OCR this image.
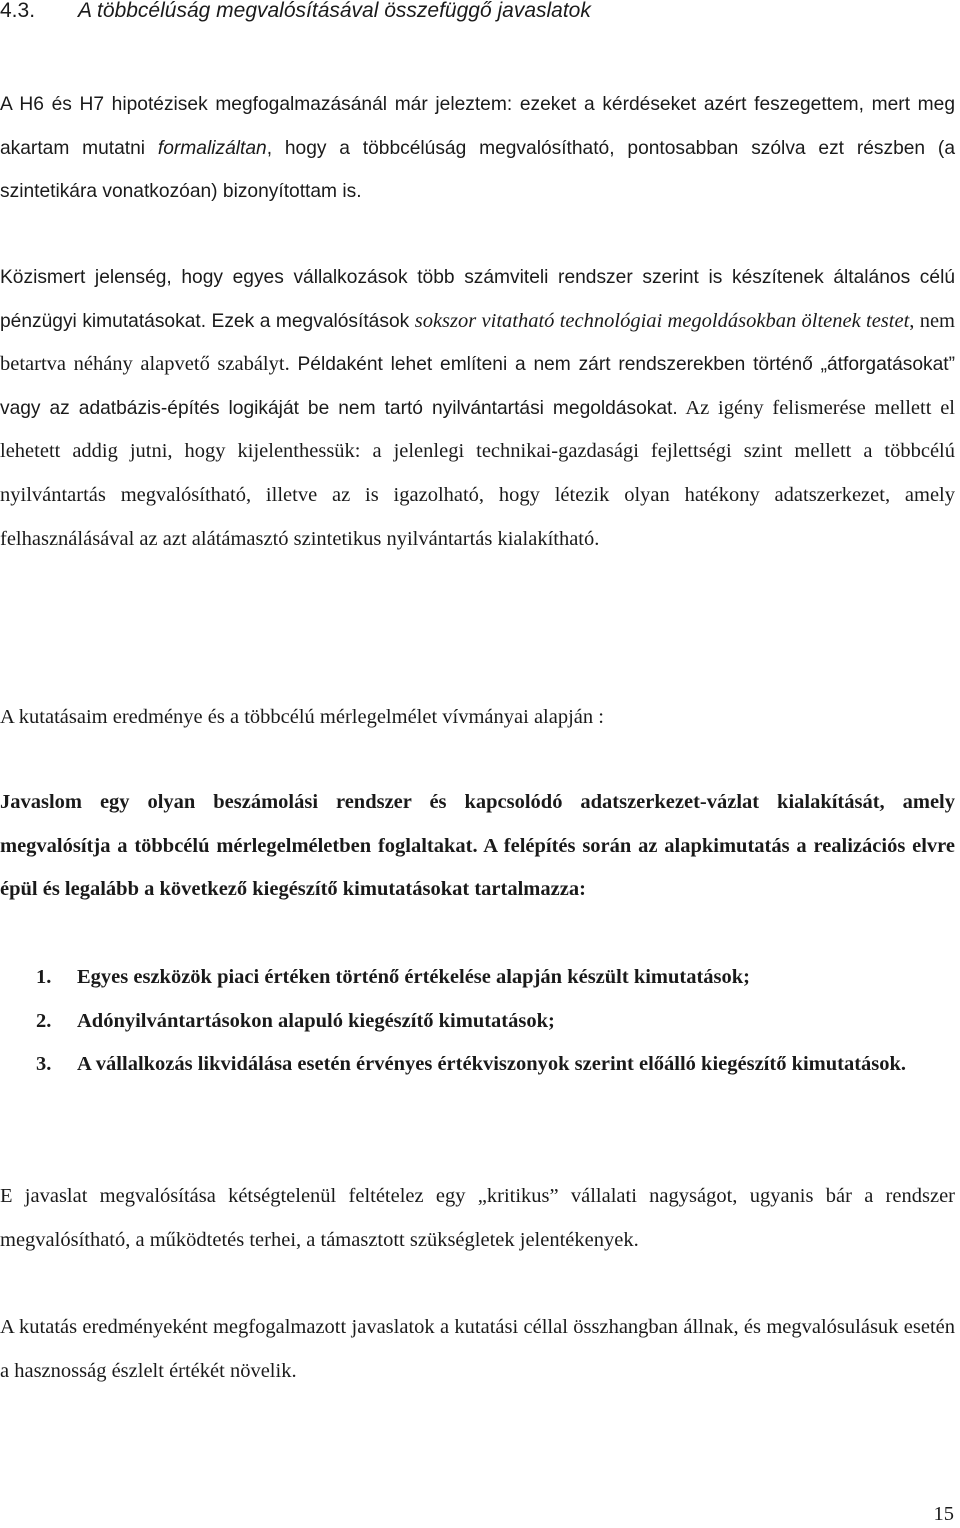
4.3. A többcélúság megvalósításával összefüggő javaslatok

A H6 és H7 hipotézisek megfogalmazásánál már jeleztem: ezeket a kérdéseket azért feszegettem, mert meg akartam mutatni formalizáltan, hogy a többcélúság megvalósítható, pontosabban szólva ezt részben (a szintetikára vonatkozóan) bizonyítottam is.

Közismert jelenség, hogy egyes vállalkozások több számviteli rendszer szerint is készítenek általános célú pénzügyi kimutatásokat. Ezek a megvalósítások sokszor vitatható technológiai megoldásokban öltenek testet, nem betartva néhány alapvető szabályt. Példaként lehet említeni a nem zárt rendszerekben történő „átforgatásokat” vagy az adatbázis-építés logikáját be nem tartó nyilvántartási megoldásokat. Az igény felismerése mellett el lehetett addig jutni, hogy kijelenthessük: a jelenlegi technikai-gazdasági fejlettségi szint mellett a többcélú nyilvántartás megvalósítható, illetve az is igazolható, hogy létezik olyan hatékony adatszerkezet, amely felhasználásával az azt alátámasztó szintetikus nyilvántartás kialakítható.

A kutatásaim eredménye és a többcélú mérlegelmélet vívmányai alapján :

Javaslom egy olyan beszámolási rendszer és kapcsolódó adatszerkezet-vázlat kialakítását, amely megvalósítja a többcélú mérlegelméletben foglaltakat. A felépítés során az alapkimutatás a realizációs elvre épül és legalább a következő kiegészítő kimutatásokat tartalmazza:

1. Egyes eszközök piaci értéken történő értékelése alapján készült kimutatások;
2. Adónyilvántartásokon alapuló kiegészítő kimutatások;
3. A vállalkozás likvidálása esetén érvényes értékviszonyok szerint előálló kiegészítő kimutatások.

E javaslat megvalósítása kétségtelenül feltételez egy „kritikus” vállalati nagyságot, ugyanis bár a rendszer megvalósítható, a működtetés terhei, a támasztott szükségletek jelentékenyek.

A kutatás eredményeként megfogalmazott javaslatok a kutatási céllal összhangban állnak, és megvalósulásuk esetén a hasznosság észlelt értékét növelik.

15
